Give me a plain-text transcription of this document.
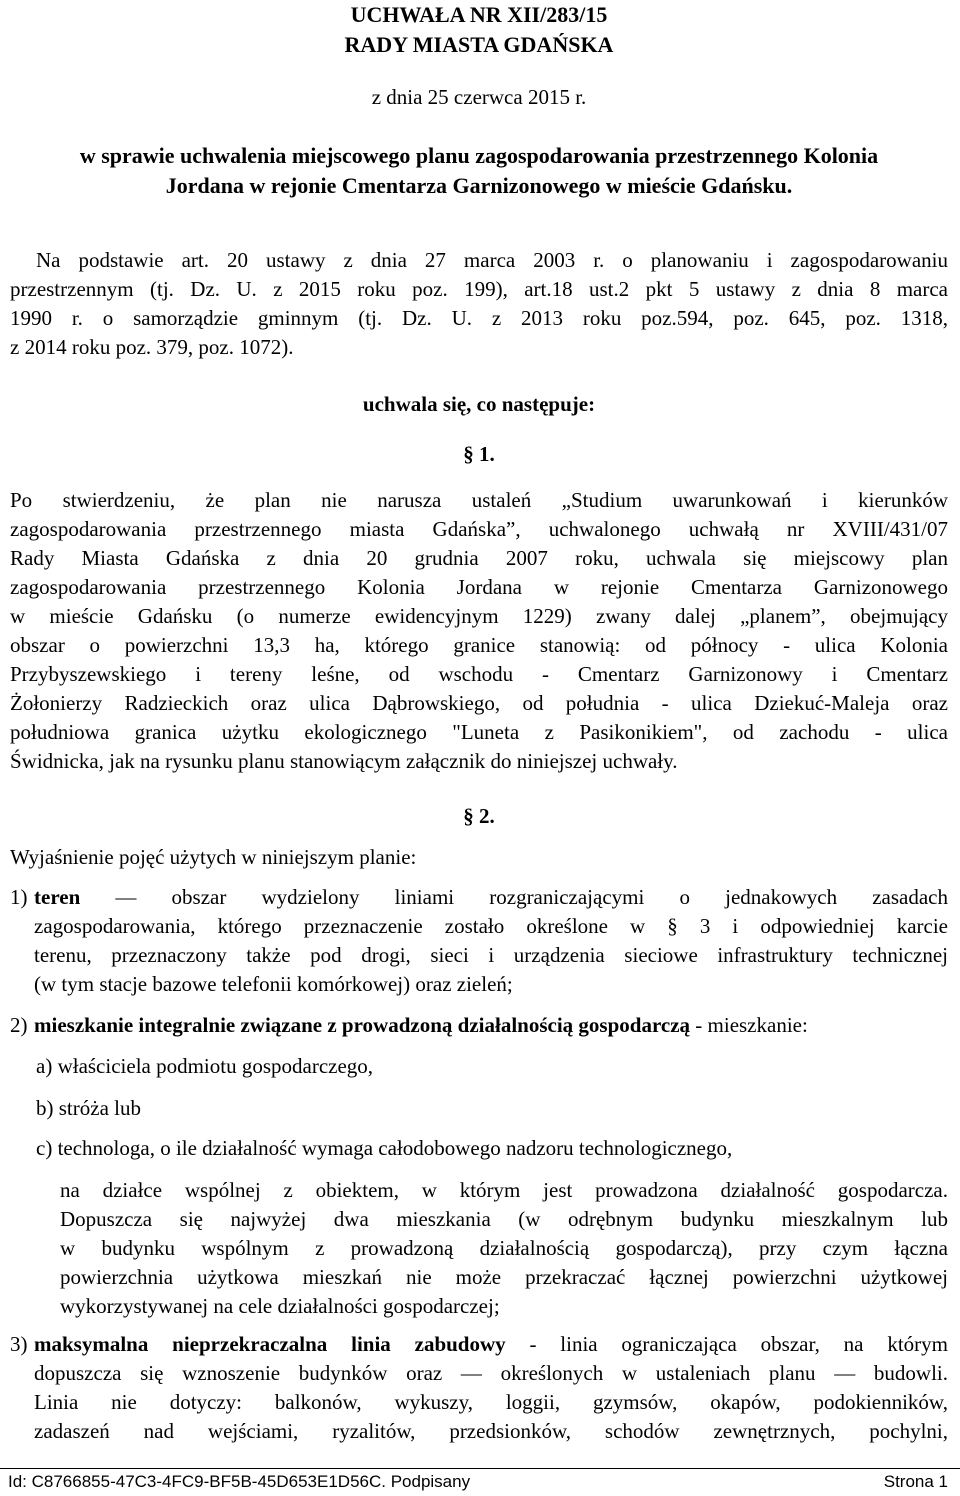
UCHWAŁA NR XII/283/15
RADY MIASTA GDAŃSKA
z dnia 25 czerwca 2015 r.
w sprawie uchwalenia miejscowego planu zagospodarowania przestrzennego Kolonia
Jordana w rejonie Cmentarza Garnizonowego w mieście Gdańsku.
Na podstawie art. 20 ustawy z dnia 27 marca 2003 r. o planowaniu i zagospodarowaniu
przestrzennym (tj. Dz. U. z 2015 roku poz. 199), art.18 ust.2 pkt 5 ustawy z dnia 8 marca
1990 r. o samorządzie gminnym (tj. Dz. U. z 2013 roku poz.594, poz. 645, poz. 1318,
z 2014 roku poz. 379, poz. 1072).
uchwala się, co następuje:
§ 1.
Po stwierdzeniu, że plan nie narusza ustaleń „Studium uwarunkowań i kierunków
zagospodarowania przestrzennego miasta Gdańska”, uchwalonego uchwałą nr XVIII/431/07
Rady Miasta Gdańska z dnia 20 grudnia 2007 roku, uchwala się miejscowy plan
zagospodarowania przestrzennego Kolonia Jordana w rejonie Cmentarza Garnizonowego
w mieście Gdańsku (o numerze ewidencyjnym 1229) zwany dalej „planem”, obejmujący
obszar o powierzchni 13,3 ha, którego granice stanowią: od północy - ulica Kolonia
Przybyszewskiego i tereny leśne, od wschodu - Cmentarz Garnizonowy i Cmentarz
Żołonierzy Radzieckich oraz ulica Dąbrowskiego, od południa - ulica Dziekuć-Maleja oraz
południowa granica użytku ekologicznego "Luneta z Pasikonikiem", od zachodu - ulica
Świdnicka, jak na rysunku planu stanowiącym załącznik do niniejszej uchwały.
§ 2.
Wyjaśnienie pojęć użytych w niniejszym planie:
1) teren — obszar wydzielony liniami rozgraniczającymi o jednakowych zasadach
zagospodarowania, którego przeznaczenie zostało określone w § 3 i odpowiedniej karcie
terenu, przeznaczony także pod drogi, sieci i urządzenia sieciowe infrastruktury technicznej
(w tym stacje bazowe telefonii komórkowej) oraz zieleń;
2) mieszkanie integralnie związane z prowadzoną działalnością gospodarczą - mieszkanie:
a) właściciela podmiotu gospodarczego,
b) stróża lub
c) technologa, o ile działalność wymaga całodobowego nadzoru technologicznego,
na działce wspólnej z obiektem, w którym jest prowadzona działalność gospodarcza.
Dopuszcza się najwyżej dwa mieszkania (w odrębnym budynku mieszkalnym lub
w budynku wspólnym z prowadzoną działalnością gospodarczą), przy czym łączna
powierzchnia użytkowa mieszkań nie może przekraczać łącznej powierzchni użytkowej
wykorzystywanej na cele działalności gospodarczej;
3) maksymalna nieprzekraczalna linia zabudowy - linia ograniczająca obszar, na którym
dopuszcza się wznoszenie budynków oraz — określonych w ustaleniach planu — budowli.
Linia nie dotyczy: balkonów, wykuszy, loggii, gzymsów, okapów, podokienników,
zadaszeń nad wejściami, ryzalitów, przedsionków, schodów zewnętrznych, pochylni,
Id: C8766855-47C3-4FC9-BF5B-45D653E1D56C. Podpisany	Strona 1
